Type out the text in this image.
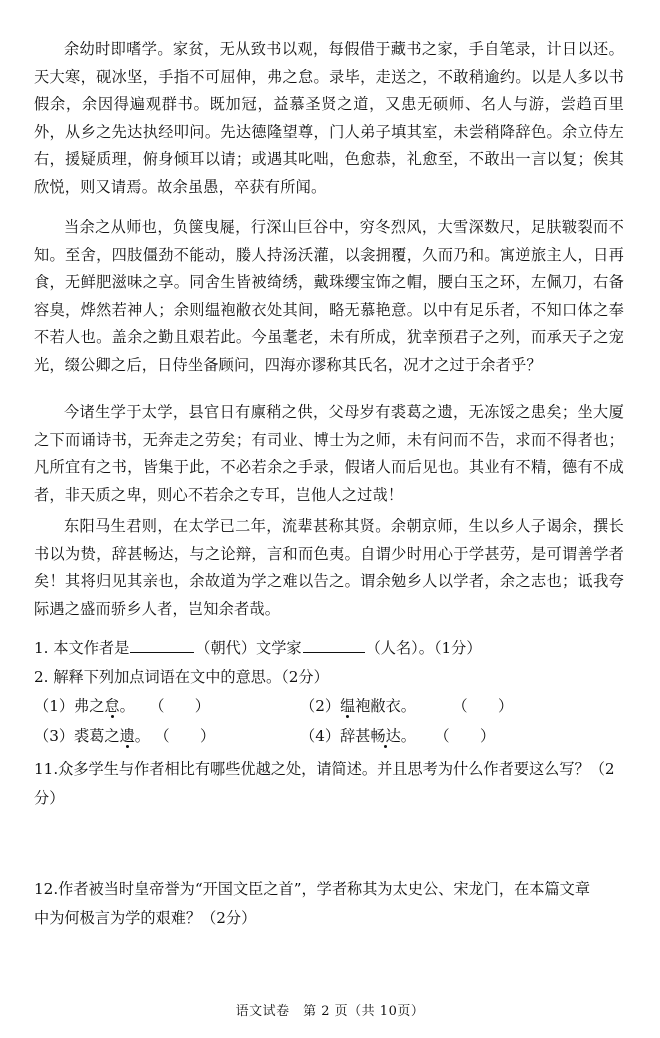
余幼时即嗜学。家贫，无从致书以观，每假借于藏书之家，手自笔录，计日以还。天大寒，砚冰坚，手指不可屈伸，弗之怠。录毕，走送之，不敢稍逾约。以是人多以书假余，余因得遍观群书。既加冠，益慕圣贤之道，又患无硕师、名人与游，尝趋百里外，从乡之先达执经叩问。先达德隆望尊，门人弟子填其室，未尝稍降辞色。余立侍左右，援疑质理，俯身倾耳以请；或遇其叱咄，色愈恭，礼愈至，不敢出一言以复；俟其欣悦，则又请焉。故余虽愚，卒获有所闻。

当余之从师也，负箧曳屣，行深山巨谷中，穷冬烈风，大雪深数尺，足肤皲裂而不知。至舍，四肢僵劲不能动，媵人持汤沃灌，以衾拥覆，久而乃和。寓逆旅主人，日再食，无鲜肥滋味之享。同舍生皆被绮绣，戴珠缨宝饰之帽，腰白玉之环，左佩刀，右备容臭，烨然若神人；余则缊袍敝衣处其间，略无慕艳意。以中有足乐者，不知口体之奉不若人也。盖余之勤且艰若此。今虽耄老，未有所成，犹幸预君子之列，而承天子之宠光，缀公卿之后，日侍坐备顾问，四海亦谬称其氏名，况才之过于余者乎？

今诸生学于太学，县官日有廪稍之供，父母岁有裘葛之遗，无冻馁之患矣；坐大厦之下而诵诗书，无奔走之劳矣；有司业、博士为之师，未有问而不告，求而不得者也；凡所宜有之书，皆集于此，不必若余之手录，假诸人而后见也。其业有不精，德有不成者，非天质之卑，则心不若余之专耳，岂他人之过哉！

东阳马生君则，在太学已二年，流辈甚称其贤。余朝京师，生以乡人子谒余，撰长书以为贽，辞甚畅达，与之论辩，言和而色夷。自谓少时用心于学甚劳，是可谓善学者矣！其将归见其亲也，余故道为学之难以告之。谓余勉乡人以学者，余之志也；诋我夸际遇之盛而骄乡人者，岂知余者哉。

1. 本文作者是	（朝代）文学家	（人名）。（1分）
2. 解释下列加点词语在文中的意思。（2分）
（1）弗之怠。 （　　）	（2）缊袍敝衣。	（　　）
（3）裘葛之遗。 （　　）	（4）辞甚畅达。 （　　）
11.众多学生与作者相比有哪些优越之处，请简述。并且思考为什么作者要这么写？（2
分）
12.作者被当时皇帝誉为“开国文臣之首”，学者称其为太史公、宋龙门，在本篇文章
中为何极言为学的艰难？（2分）
语文试卷　第 2 页（共 10页）
